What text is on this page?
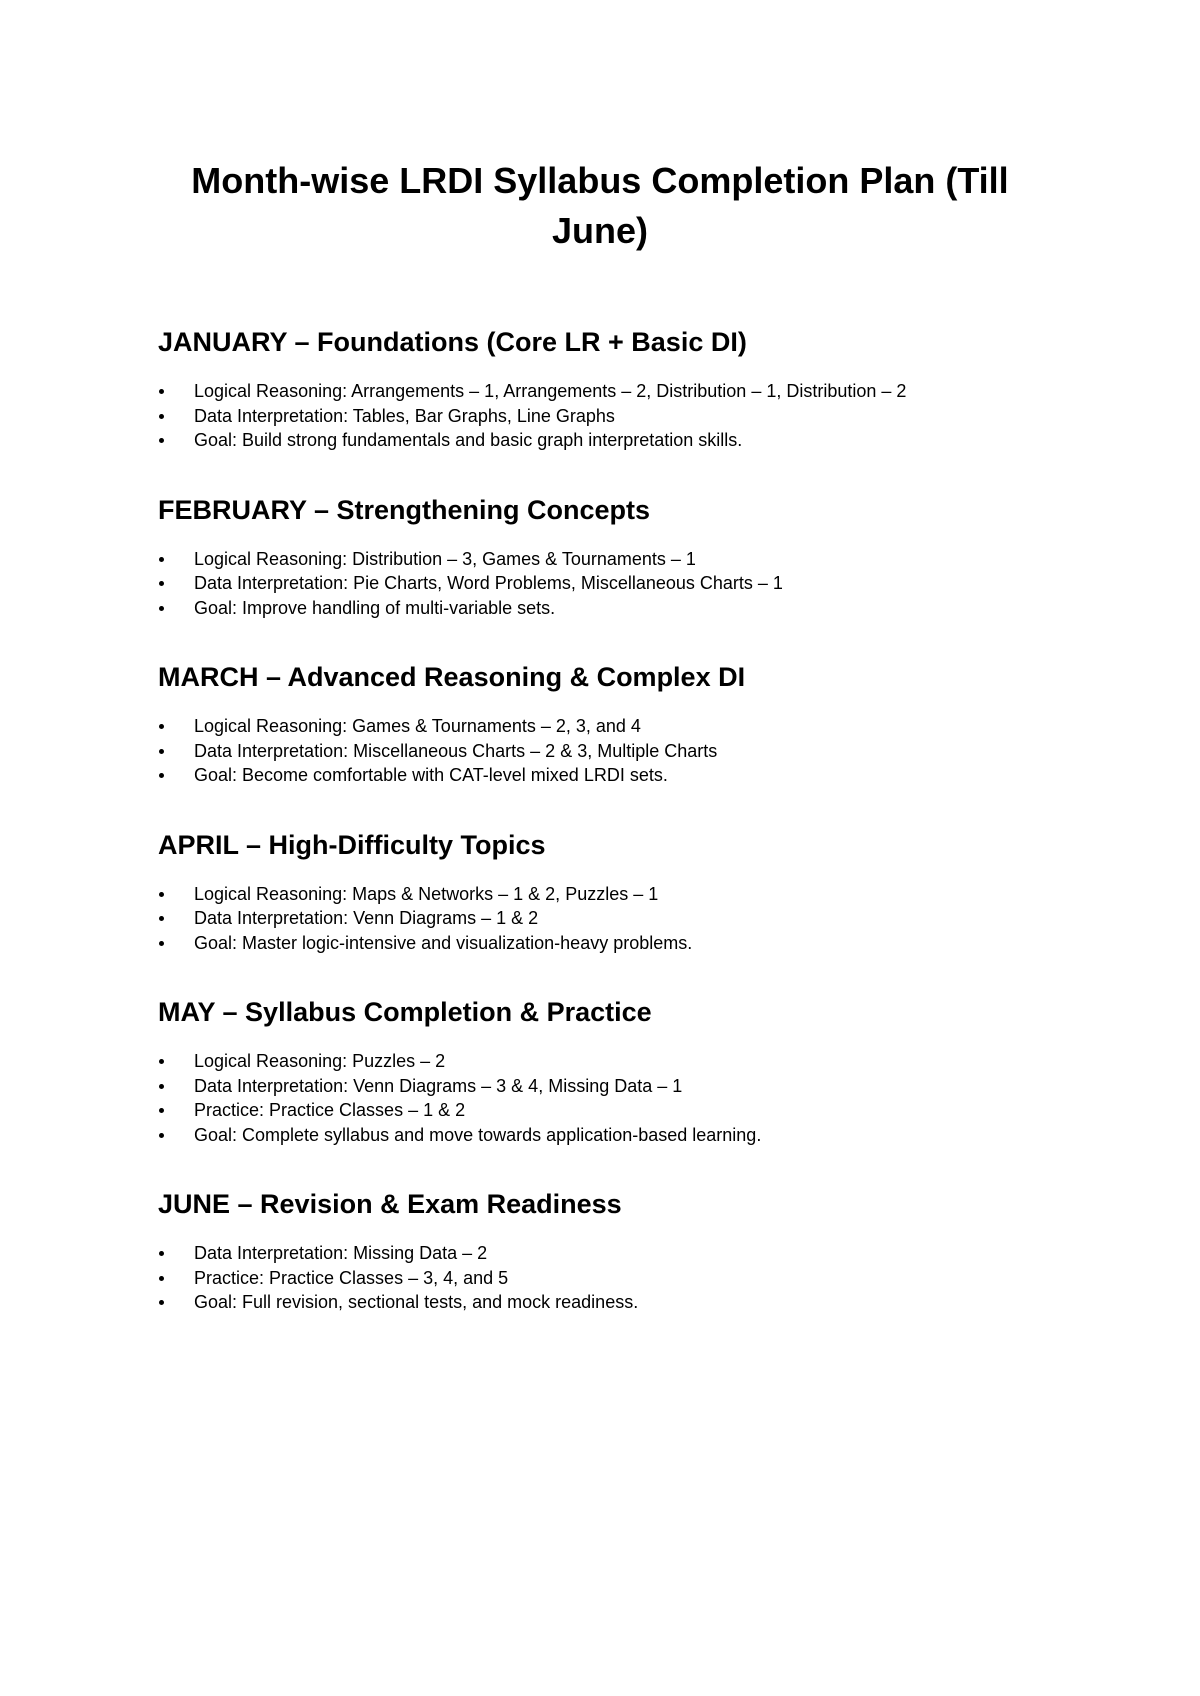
Month-wise LRDI Syllabus Completion Plan (Till June)
JANUARY – Foundations (Core LR + Basic DI)
Logical Reasoning: Arrangements – 1, Arrangements – 2, Distribution – 1, Distribution – 2
Data Interpretation: Tables, Bar Graphs, Line Graphs
Goal: Build strong fundamentals and basic graph interpretation skills.
FEBRUARY – Strengthening Concepts
Logical Reasoning: Distribution – 3, Games & Tournaments – 1
Data Interpretation: Pie Charts, Word Problems, Miscellaneous Charts – 1
Goal: Improve handling of multi-variable sets.
MARCH – Advanced Reasoning & Complex DI
Logical Reasoning: Games & Tournaments – 2, 3, and 4
Data Interpretation: Miscellaneous Charts – 2 & 3, Multiple Charts
Goal: Become comfortable with CAT-level mixed LRDI sets.
APRIL – High-Difficulty Topics
Logical Reasoning: Maps & Networks – 1 & 2, Puzzles – 1
Data Interpretation: Venn Diagrams – 1 & 2
Goal: Master logic-intensive and visualization-heavy problems.
MAY – Syllabus Completion & Practice
Logical Reasoning: Puzzles – 2
Data Interpretation: Venn Diagrams – 3 & 4, Missing Data – 1
Practice: Practice Classes – 1 & 2
Goal: Complete syllabus and move towards application-based learning.
JUNE – Revision & Exam Readiness
Data Interpretation: Missing Data – 2
Practice: Practice Classes – 3, 4, and 5
Goal: Full revision, sectional tests, and mock readiness.
